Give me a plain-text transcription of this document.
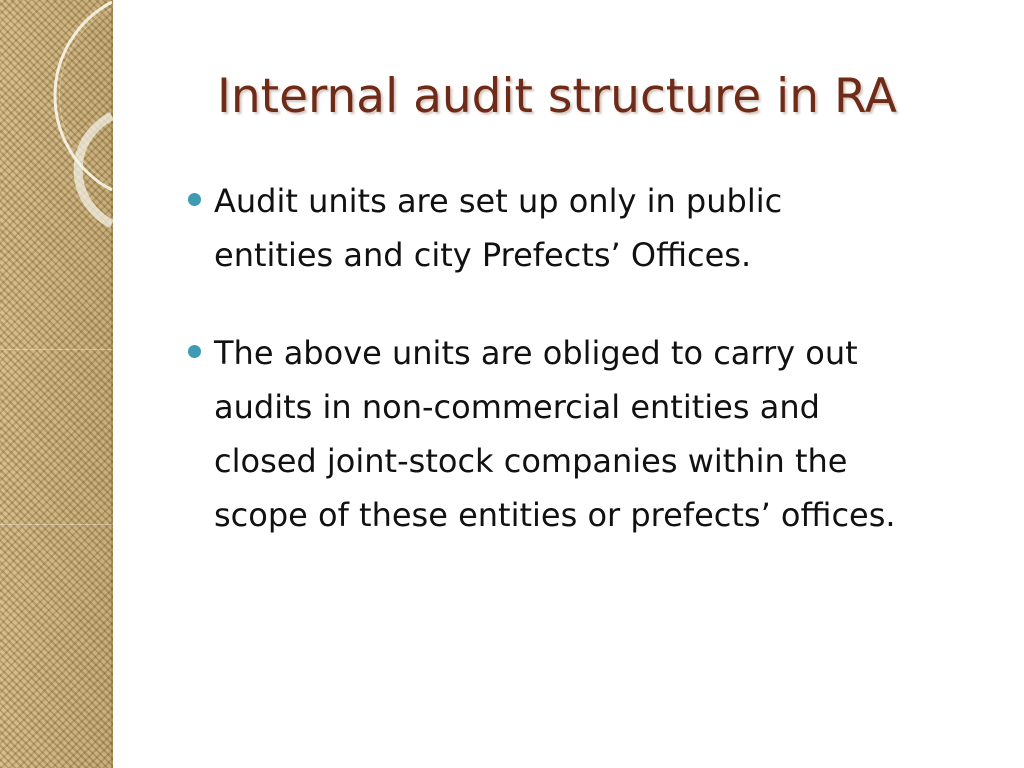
Internal audit structure in RA
Audit units are set up only in public
entities and city Prefects’ Offices.
The above units are obliged to carry out
audits in non-commercial entities and
closed joint-stock companies within the
scope of these entities or prefects’ offices.
